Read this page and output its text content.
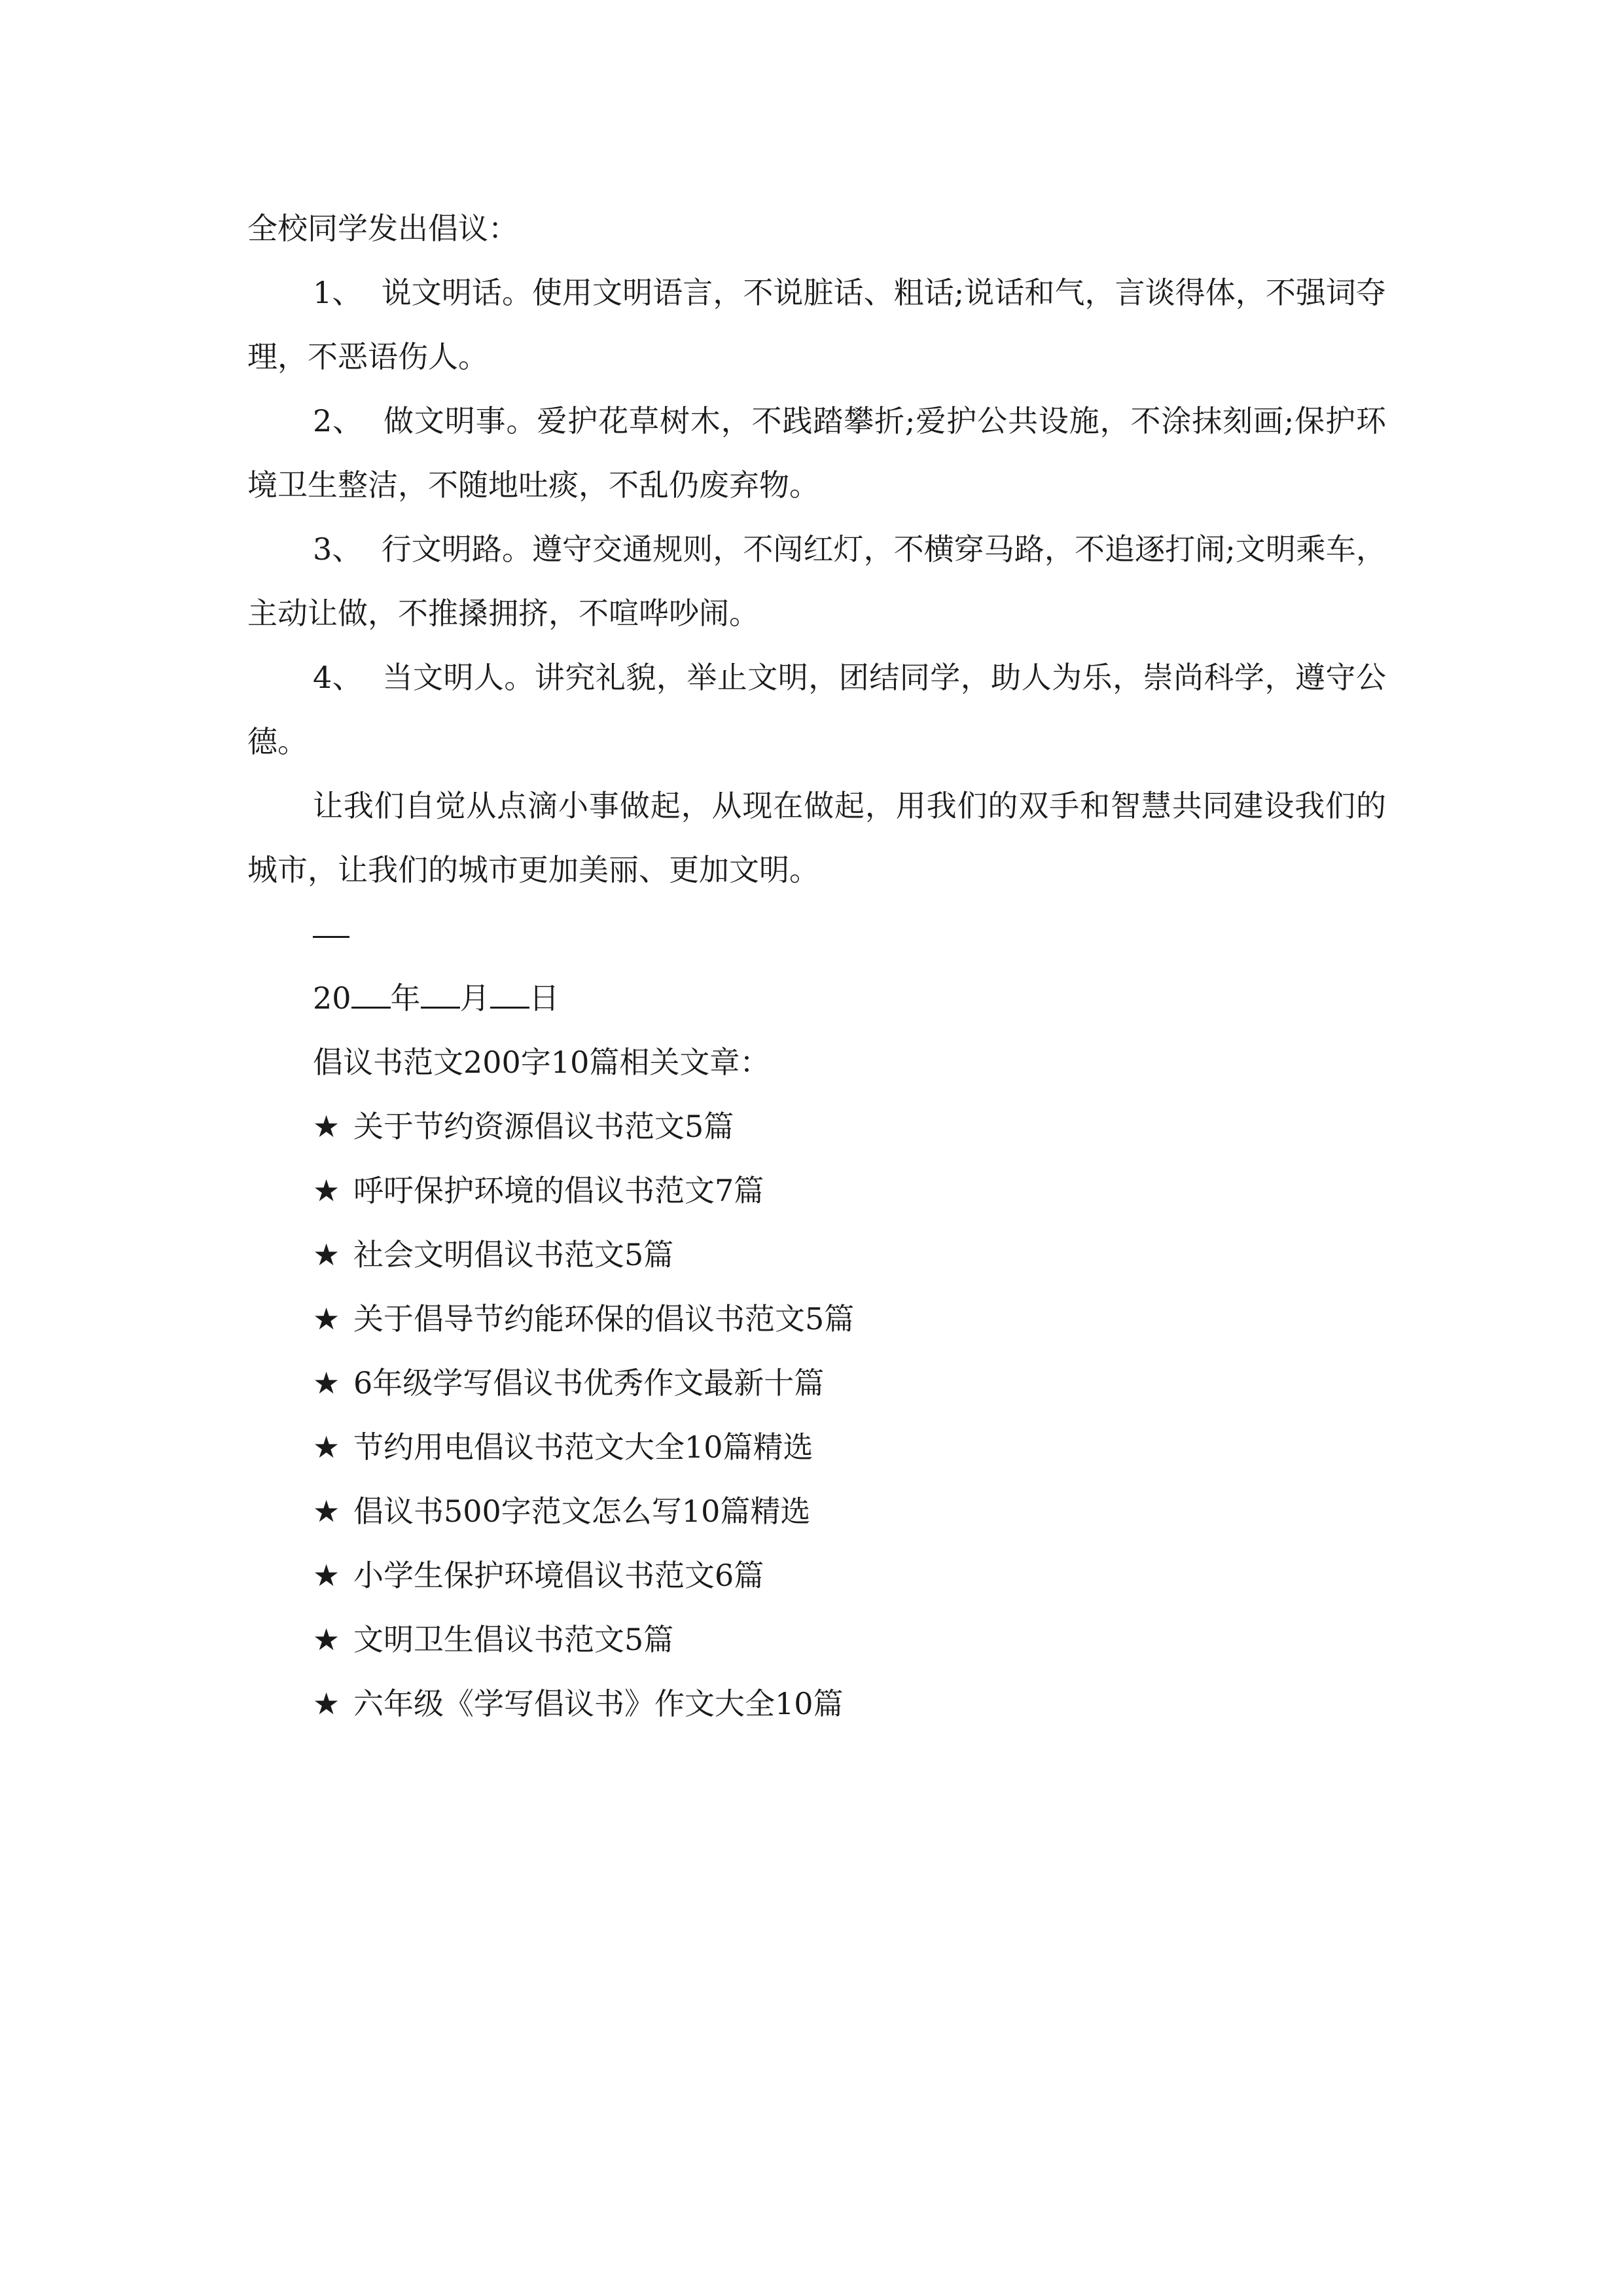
全校同学发出倡议：

1、 说文明话。使用文明语言，不说脏话、粗话;说话和气，言谈得体，不强词夺理，不恶语伤人。

2、 做文明事。爱护花草树木，不践踏攀折;爱护公共设施，不涂抹刻画;保护环境卫生整洁，不随地吐痰，不乱仍废弃物。

3、 行文明路。遵守交通规则，不闯红灯，不横穿马路，不追逐打闹;文明乘车，主动让做，不推搡拥挤，不喧哗吵闹。

4、 当文明人。讲究礼貌，举止文明，团结同学，助人为乐，崇尚科学，遵守公德。

让我们自觉从点滴小事做起，从现在做起，用我们的双手和智慧共同建设我们的城市，让我们的城市更加美丽、更加文明。

20 年 月 日

倡议书范文200字10篇相关文章：

★ 关于节约资源倡议书范文5篇
★ 呼吁保护环境的倡议书范文7篇
★ 社会文明倡议书范文5篇
★ 关于倡导节约能环保的倡议书范文5篇
★ 6年级学写倡议书优秀作文最新十篇
★ 节约用电倡议书范文大全10篇精选
★ 倡议书500字范文怎么写10篇精选
★ 小学生保护环境倡议书范文6篇
★ 文明卫生倡议书范文5篇
★ 六年级《学写倡议书》作文大全10篇
